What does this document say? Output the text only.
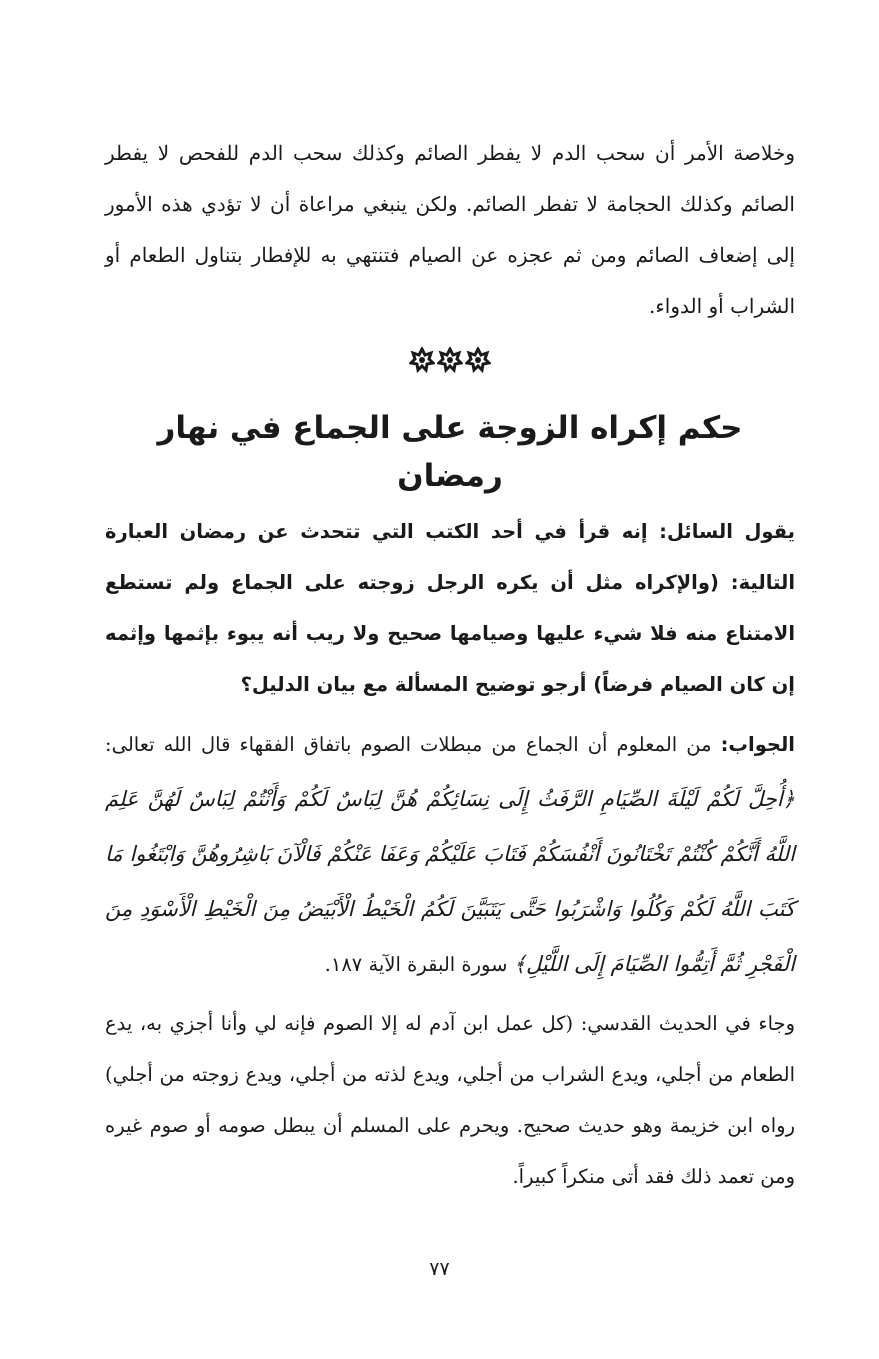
وخلاصة الأمر أن سحب الدم لا يفطر الصائم وكذلك سحب الدم للفحص لا يفطر الصائم وكذلك الحجامة لا تفطر الصائم. ولكن ينبغي مراعاة أن لا تؤدي هذه الأمور إلى إضعاف الصائم ومن ثم عجزه عن الصيام فتنتهي به للإفطار بتناول الطعام أو الشراب أو الدواء.

حكم إكراه الزوجة على الجماع في نهار رمضان

يقول السائل: إنه قرأ في أحد الكتب التي تتحدث عن رمضان العبارة التالية: (والإكراه مثل أن يكره الرجل زوجته على الجماع ولم تستطع الامتناع منه فلا شيء عليها وصيامها صحيح ولا ريب أنه يبوء بإثمها وإثمه إن كان الصيام فرضاً) أرجو توضيح المسألة مع بيان الدليل؟

الجواب: من المعلوم أن الجماع من مبطلات الصوم باتفاق الفقهاء قال الله تعالى:﴿أُحِلَّ لَكُمْ لَيْلَةَ الصِّيَامِ الرَّفَثُ إِلَى نِسَائِكُمْ هُنَّ لِبَاسٌ لَكُمْ وَأَنْتُمْ لِبَاسٌ لَهُنَّ عَلِمَ اللَّهُ أَنَّكُمْ كُنْتُمْ تَخْتَانُونَ أَنْفُسَكُمْ فَتَابَ عَلَيْكُمْ وَعَفَا عَنْكُمْ فَالْآنَ بَاشِرُوهُنَّ وَابْتَغُوا مَا كَتَبَ اللَّهُ لَكُمْ وَكُلُوا وَاشْرَبُوا حَتَّى يَتَبَيَّنَ لَكُمُ الْخَيْطُ الْأَبْيَضُ مِنَ الْخَيْطِ الْأَسْوَدِ مِنَ الْفَجْرِ ثُمَّ أَتِمُّوا الصِّيَامَ إِلَى اللَّيْلِ﴾ سورة البقرة الآية ١٨٧.

وجاء في الحديث القدسي: (كل عمل ابن آدم له إلا الصوم فإنه لي وأنا أجزي به، يدع الطعام من أجلي، ويدع الشراب من أجلي، ويدع لذته من أجلي، ويدع زوجته من أجلي) رواه ابن خزيمة وهو حديث صحيح. ويحرم على المسلم أن يبطل صومه أو صوم غيره ومن تعمد ذلك فقد أتى منكراً كبيراً.

٧٧
